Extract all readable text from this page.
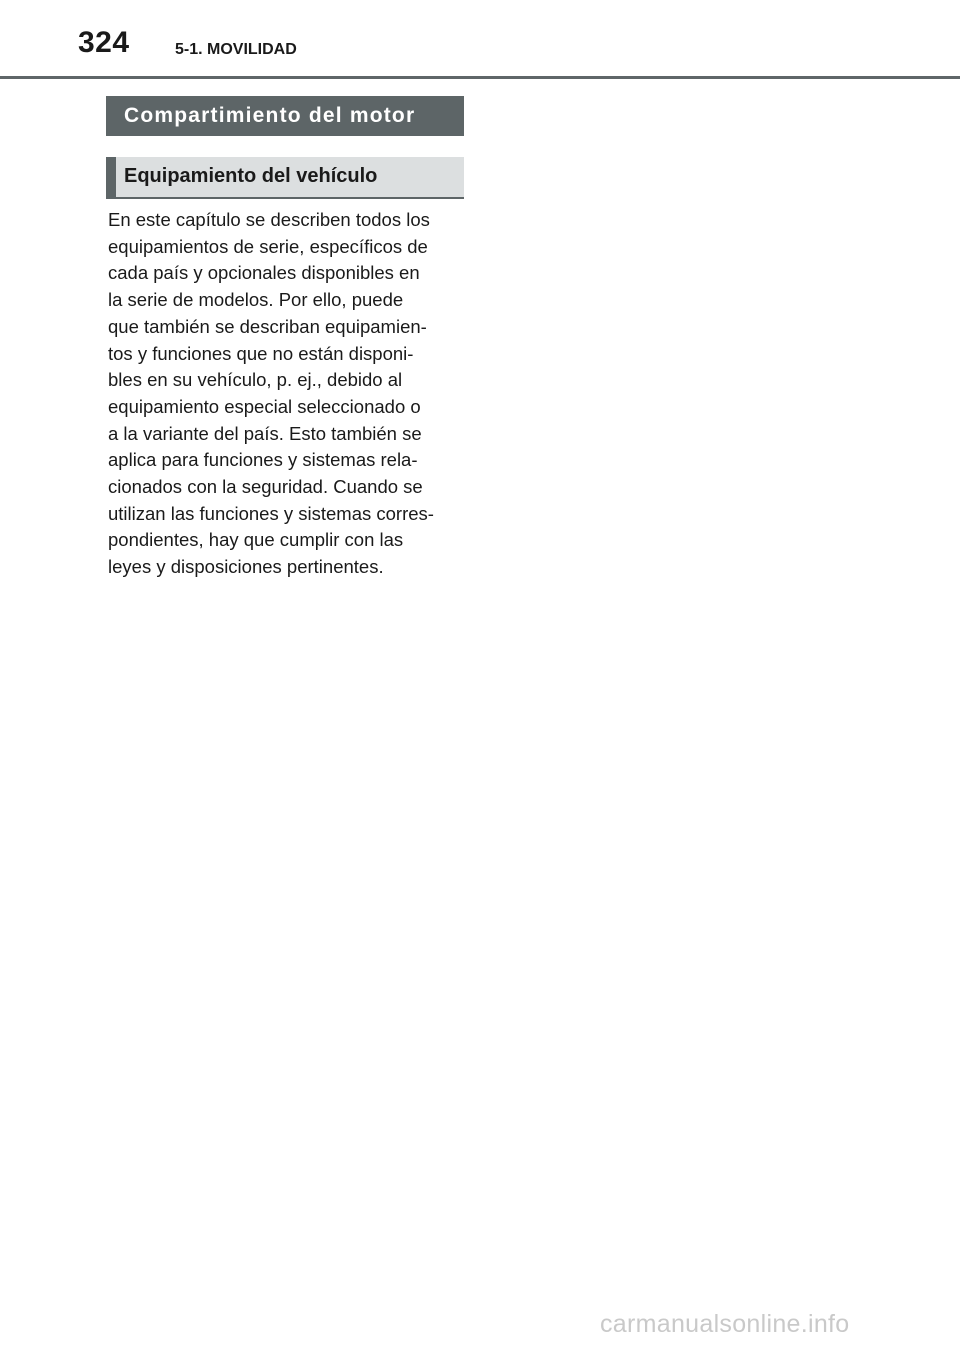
324	5-1. MOVILIDAD
Compartimiento del motor
Equipamiento del vehículo

En este capítulo se describen todos los
equipamientos de serie, específicos de
cada país y opcionales disponibles en
la serie de modelos. Por ello, puede
que también se describan equipamien-
tos y funciones que no están disponi-
bles en su vehículo, p. ej., debido al
equipamiento especial seleccionado o
a la variante del país. Esto también se
aplica para funciones y sistemas rela-
cionados con la seguridad. Cuando se
utilizan las funciones y sistemas corres-
pondientes, hay que cumplir con las
leyes y disposiciones pertinentes.

carmanualsonline.info
